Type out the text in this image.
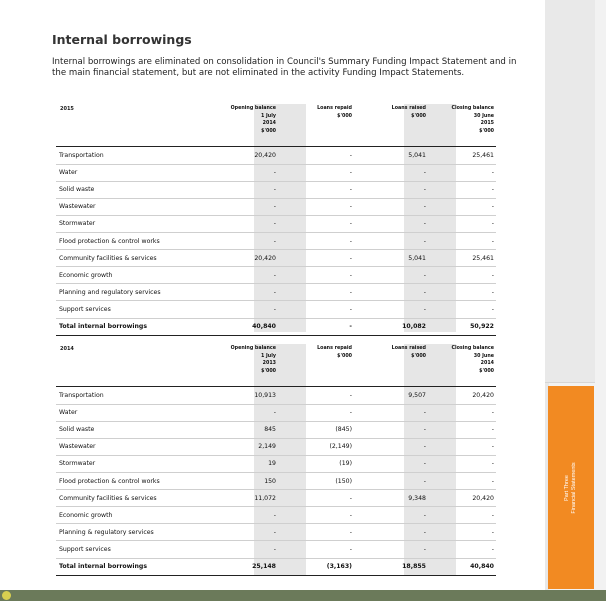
Internal borrowings
Internal borrowings are eliminated on consolidation in Council's Summary Funding Impact Statement and in the main financial statement, but are not eliminated in the activity Funding Impact Statements.
2015	Opening balance
1 July
2014
$'000
Loans repaid
$'000
Loans raised
$'000
Closing balance
30 June
2015
$'000
Transportation	20,420	-	5,041	25,461
Water	-	-	-	-
Solid waste	-	-	-	-
Wastewater	-	-	-	-
Stormwater	-	-	-	-
Flood protection & control works	-	-	-	-
Community facilities & services	20,420	-	5,041	25,461
Economic growth	-	-	-	-
Planning and regulatory services	-	-	-	-
Support services	-	-	-	-
Total internal borrowings	40,840	-	10,082	50,922
2014	Opening balance
1 July
2013
$'000
Loans repaid
$'000
Loans raised
$'000
Closing balance
30 June
2014
$'000
Transportation	10,913	-	9,507	20,420
Water	-	-	-	-
Solid waste	845	(845)	-	-
Wastewater	2,149	(2,149)	-	-
Stormwater	19	(19)	-	-
Flood protection & control works	150	(150)	-	-
Community facilities & services	11,072	-	9,348	20,420
Economic growth	-	-	-	-
Planning & regulatory services	-	-	-	-
Support services	-	-	-	-
Total internal borrowings	25,148	(3,163)	18,855	40,840
Part Three Financial Statements
